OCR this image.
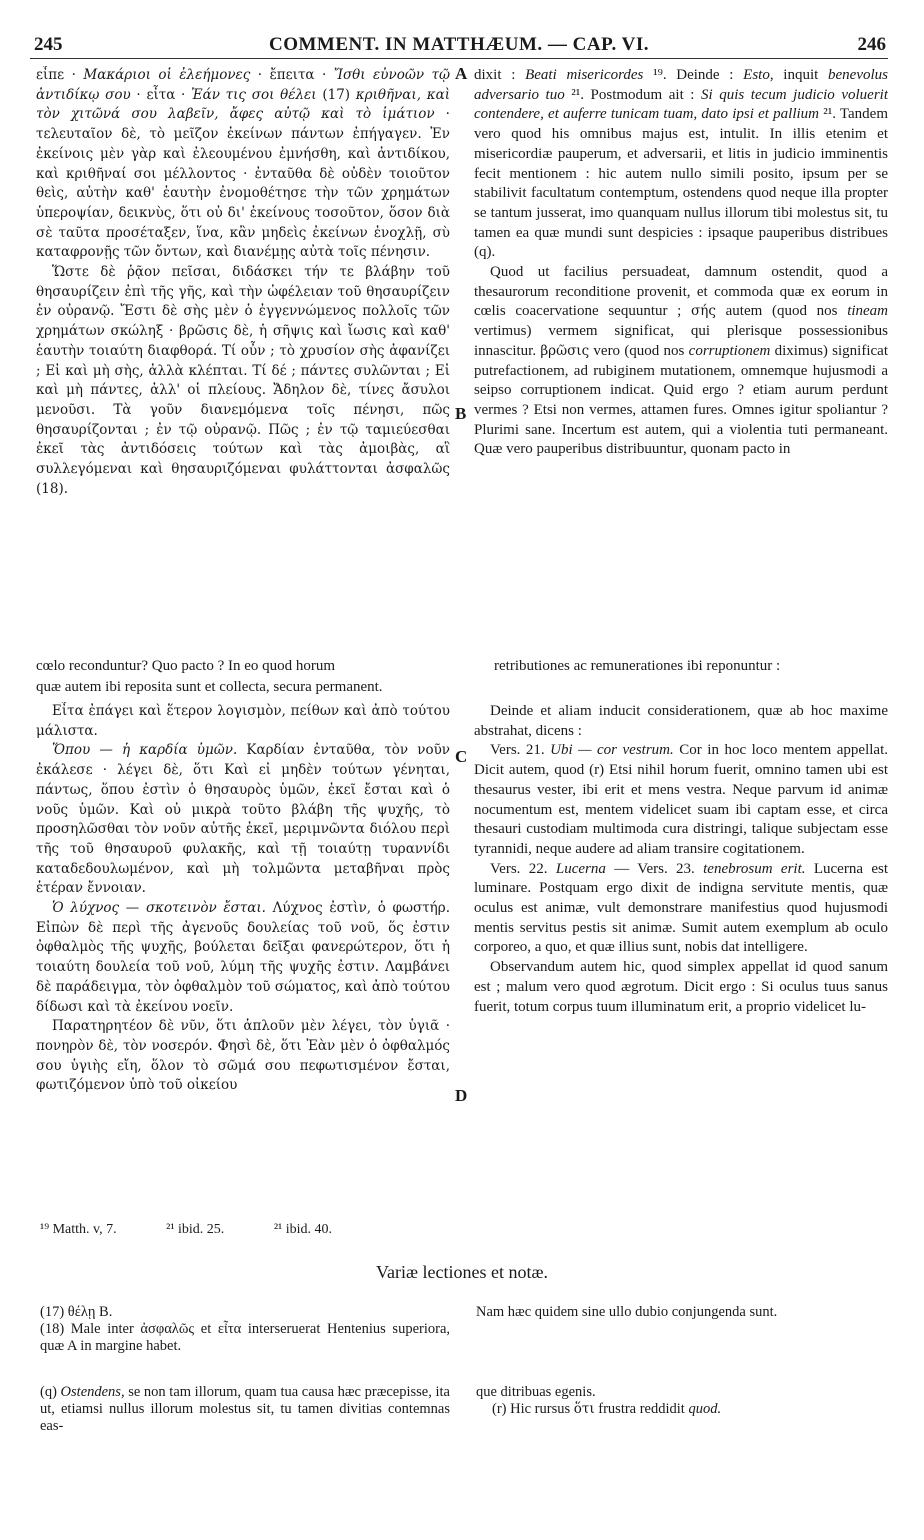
245	COMMENT. IN MATTHÆUM. — CAP. VI.	246
A
B
C
D

εἶπε · Μακάριοι οἱ ἐλεήμονες · ἔπειτα · Ἴσθι εὐνοῶν τῷ ἀντιδίκῳ σου · εἶτα · Ἐάν τις σοι θέλει (17) κριθῆναι, καὶ τὸν χιτῶνά σου λαβεῖν, ἄφες αὐτῷ καὶ τὸ ἱμάτιον · τελευταῖον δὲ, τὸ μεῖζον ἐκείνων πάντων ἐπήγαγεν. Ἐν ἐκείνοις μὲν γὰρ καὶ ἐλεουμένου ἐμνήσθη, καὶ ἀντιδίκου, καὶ κριθῆναί σοι μέλλοντος · ἐνταῦθα δὲ οὐδὲν τοιοῦτον θεὶς, αὐτὴν καθ' ἑαυτὴν ἐνομοθέτησε τὴν τῶν χρημάτων ὑπεροψίαν, δεικνὺς, ὅτι οὐ δι' ἐκείνους τοσοῦτον, ὅσον διὰ σὲ ταῦτα προσέταξεν, ἵνα, κἂν μηδεὶς ἐκείνων ἐνοχλῇ, σὺ καταφρονῇς τῶν ὄντων, καὶ διανέμῃς αὐτὰ τοῖς πένησιν.

Ὥστε δὲ ῥᾷον πεῖσαι, διδάσκει τήν τε βλάβην τοῦ θησαυρίζειν ἐπὶ τῆς γῆς, καὶ τὴν ὠφέλειαν τοῦ θησαυρίζειν ἐν οὐρανῷ. Ἔστι δὲ σὴς μὲν ὁ ἐγγεννώμενος πολλοῖς τῶν χρημάτων σκώληξ · βρῶσις δὲ, ἡ σῆψις καὶ ἴωσις καὶ καθ' ἑαυτὴν τοιαύτη διαφθορά. Τί οὖν ; τὸ χρυσίον σὴς ἀφανίζει ; Εἰ καὶ μὴ σὴς, ἀλλὰ κλέπται. Τί δέ ; πάντες συλῶνται ; Εἰ καὶ μὴ πάντες, ἀλλ' οἱ πλείους. Ἄδηλον δὲ, τίνες ἄσυλοι μενοῦσι. Τὰ γοῦν διανεμόμενα τοῖς πένησι, πῶς θησαυρίζονται ; ἐν τῷ οὐρανῷ. Πῶς ; ἐν τῷ ταμιεύεσθαι ἐκεῖ τὰς ἀντιδόσεις τούτων καὶ τὰς ἀμοιβὰς, αἳ συλλεγόμεναι καὶ θησαυριζόμεναι φυλάττονται ἀσφαλῶς (18).

dixit : Beati misericordes ¹⁹. Deinde : Esto, inquit benevolus adversario tuo ²¹. Postmodum ait : Si quis tecum judicio voluerit contendere, et auferre tunicam tuam, dato ipsi et pallium ²¹. Tandem vero quod his omnibus majus est, intulit. In illis etenim et misericordiæ pauperum, et adversarii, et litis in judicio imminentis fecit mentionem : hic autem nullo simili posito, ipsum per se stabilivit facultatum contemptum, ostendens quod neque illa propter se tantum jusserat, imo quanquam nullus illorum tibi molestus sit, tu tamen ea quæ mundi sunt despicies : ipsaque pauperibus distribues (q).

Quod ut facilius persuadeat, damnum ostendit, quod a thesaurorum reconditione provenit, et commoda quæ ex eorum in cœlis coacervatione sequuntur ; σής autem (quod nos tineam vertimus) vermem significat, qui plerisque possessionibus innascitur. βρῶσις vero (quod nos corruptionem diximus) significat putrefactionem, ad rubiginem mutationem, omnemque hujusmodi a seipso corruptionem indicat. Quid ergo ? etiam aurum perdunt vermes ? Etsi non vermes, attamen fures. Omnes igitur spoliantur ? Plurimi sane. Incertum est autem, qui a violentia tuti permaneant. Quæ vero pauperibus distribuuntur, quonam pacto in

cœlo reconduntur? Quo pacto ? In eo quod horum	retributiones ac remunerationes ibi reponuntur :
quæ autem ibi reposita sunt et collecta, secura permanent.

Εἶτα ἐπάγει καὶ ἕτερον λογισμὸν, πείθων καὶ ἀπὸ τούτου μάλιστα.

Ὅπου — ἡ καρδία ὑμῶν. Καρδίαν ἐνταῦθα, τὸν νοῦν ἐκάλεσε · λέγει δὲ, ὅτι Καὶ εἰ μηδὲν τούτων γένηται, πάντως, ὅπου ἐστὶν ὁ θησαυρὸς ὑμῶν, ἐκεῖ ἔσται καὶ ὁ νοῦς ὑμῶν. Καὶ οὐ μικρὰ τοῦτο βλάβη τῆς ψυχῆς, τὸ προσηλῶσθαι τὸν νοῦν αὐτῆς ἐκεῖ, μεριμνῶντα διόλου περὶ τῆς τοῦ θησαυροῦ φυλακῆς, καὶ τῇ τοιαύτῃ τυραννίδι καταδεδουλωμένον, καὶ μὴ τολμῶντα μεταβῆναι πρὸς ἑτέραν ἔννοιαν.

Ὁ λύχνος — σκοτεινὸν ἔσται. Λύχνος ἐστὶν, ὁ φωστήρ. Εἰπὼν δὲ περὶ τῆς ἀγενοῦς δουλείας τοῦ νοῦ, ὅς ἐστιν ὀφθαλμὸς τῆς ψυχῆς, βούλεται δεῖξαι φανερώτερον, ὅτι ἡ τοιαύτη δουλεία τοῦ νοῦ, λύμη τῆς ψυχῆς ἐστιν. Λαμβάνει δὲ παράδειγμα, τὸν ὀφθαλμὸν τοῦ σώματος, καὶ ἀπὸ τούτου δίδωσι καὶ τὰ ἐκείνου νοεῖν.

Παρατηρητέον δὲ νῦν, ὅτι ἁπλοῦν μὲν λέγει, τὸν ὑγιᾶ · πονηρὸν δὲ, τὸν νοσερόν. Φησὶ δὲ, ὅτι Ἐὰν μὲν ὁ ὀφθαλμός σου ὑγιὴς εἴη, ὅλον τὸ σῶμά σου πεφωτισμένον ἔσται, φωτιζόμενον ὑπὸ τοῦ οἰκείου

Deinde et aliam inducit considerationem, quæ ab hoc maxime abstrahat, dicens :

Vers. 21. Ubi — cor vestrum. Cor in hoc loco mentem appellat. Dicit autem, quod (r) Etsi nihil horum fuerit, omnino tamen ubi est thesaurus vester, ibi erit et mens vestra. Neque parvum id animæ nocumentum est, mentem videlicet suam ibi captam esse, et circa thesauri custodiam multimoda cura distringi, talique subjectam esse tyrannidi, neque audere ad aliam transire cogitationem.

Vers. 22. Lucerna — Vers. 23. tenebrosum erit. Lucerna est luminare. Postquam ergo dixit de indigna servitute mentis, quæ oculus est animæ, vult demonstrare manifestius quod hujusmodi mentis servitus pestis sit animæ. Sumit autem exemplum ab oculo corporeo, a quo, et quæ illius sunt, nobis dat intelligere.

Observandum autem hic, quod simplex appellat id quod sanum est ; malum vero quod ægrotum. Dicit ergo : Si oculus tuus sanus fuerit, totum corpus tuum illuminatum erit, a proprio videlicet lu-

¹⁹ Matth. v, 7.	²¹ ibid. 25.	²¹ ibid. 40.
Variæ lectiones et notæ.

(17) θέλῃ B.

(18) Male inter ἀσφαλῶς et εἶτα interseruerat Hentenius superiora, quæ A in margine habet.

Nam hæc quidem sine ullo dubio conjungenda sunt.

(q) Ostendens, se non tam illorum, quam tua causa hæc præcepisse, ita ut, etiamsi nullus illorum molestus sit, tu tamen divitias contemnas eas-

que ditribuas egenis.

(r) Hic rursus ὅτι frustra reddidit quod.
